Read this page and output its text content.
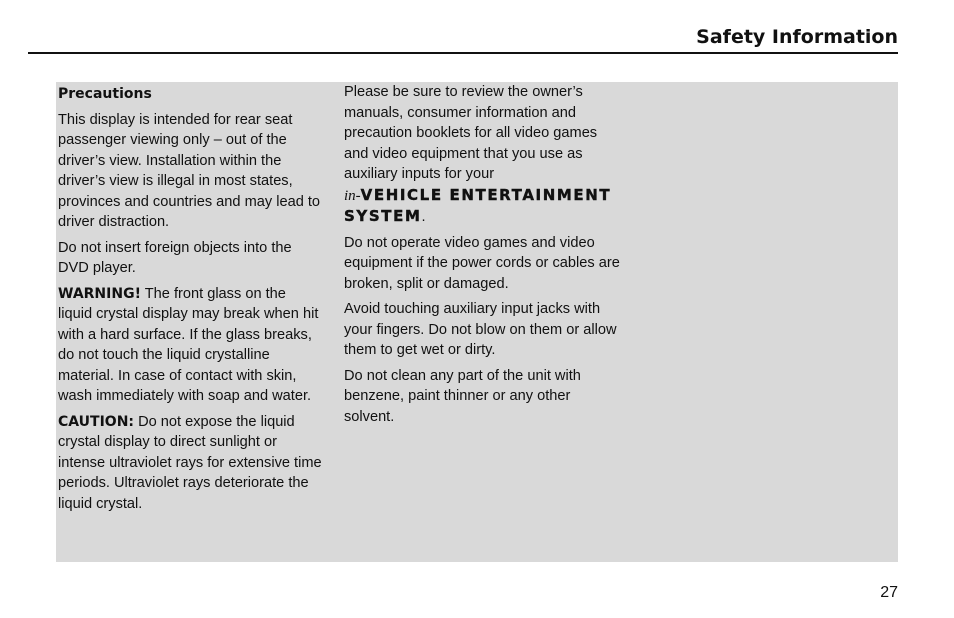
Safety Information

Precautions

This display is intended for rear seat passenger viewing only – out of the driver’s view. Installation within the driver’s view is illegal in most states, provinces and countries and may lead to driver distraction.

Do not insert foreign objects into the DVD player.

WARNING! The front glass on the liquid crystal display may break when hit with a hard surface. If the glass breaks, do not touch the liquid crystalline material. In case of contact with skin, wash immediately with soap and water.

CAUTION: Do not expose the liquid crystal display to direct sunlight or intense ultraviolet rays for extensive time periods. Ultraviolet rays deteriorate the liquid crystal.

Please be sure to review the owner’s manuals, consumer information and precaution booklets for all video games and video equipment that you use as auxiliary inputs for your
in-VEHICLE ENTERTAINMENT SYSTEM.

Do not operate video games and video equipment if the power cords or cables are broken, split or damaged.

Avoid touching auxiliary input jacks with your fingers. Do not blow on them or allow them to get wet or dirty.

Do not clean any part of the unit with benzene, paint thinner or any other solvent.

27
